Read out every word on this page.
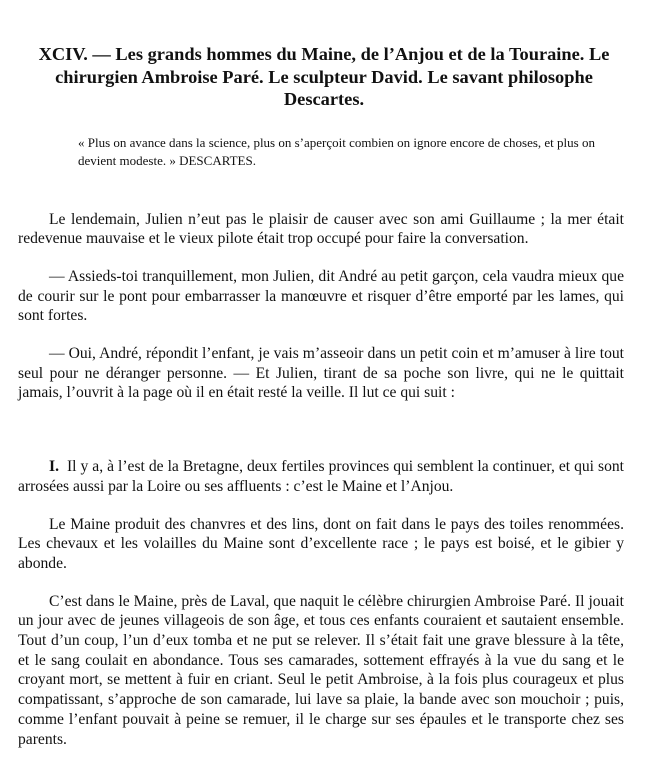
XCIV. — Les grands hommes du Maine, de l’Anjou et de la Touraine. Le chirurgien Ambroise Paré. Le sculpteur David. Le savant philosophe Descartes.

« Plus on avance dans la science, plus on s’aperçoit combien on ignore encore de choses, et plus on devient modeste. » DESCARTES.

Le lendemain, Julien n’eut pas le plaisir de causer avec son ami Guillaume ; la mer était redevenue mauvaise et le vieux pilote était trop occupé pour faire la conversation.

— Assieds-toi tranquillement, mon Julien, dit André au petit garçon, cela vaudra mieux que de courir sur le pont pour embarrasser la manœuvre et risquer d’être emporté par les lames, qui sont fortes.

— Oui, André, répondit l’enfant, je vais m’asseoir dans un petit coin et m’amuser à lire tout seul pour ne déranger personne. — Et Julien, tirant de sa poche son livre, qui ne le quittait jamais, l’ouvrit à la page où il en était resté la veille. Il lut ce qui suit :

I. Il y a, à l’est de la Bretagne, deux fertiles provinces qui semblent la continuer, et qui sont arrosées aussi par la Loire ou ses affluents : c’est le Maine et l’Anjou.

Le Maine produit des chanvres et des lins, dont on fait dans le pays des toiles renommées. Les chevaux et les volailles du Maine sont d’excellente race ; le pays est boisé, et le gibier y abonde.

C’est dans le Maine, près de Laval, que naquit le célèbre chirurgien Ambroise Paré. Il jouait un jour avec de jeunes villageois de son âge, et tous ces enfants couraient et sautaient ensemble. Tout d’un coup, l’un d’eux tomba et ne put se relever. Il s’était fait une grave blessure à la tête, et le sang coulait en abondance. Tous ses camarades, sottement effrayés à la vue du sang et le croyant mort, se mettent à fuir en criant. Seul le petit Ambroise, à la fois plus courageux et plus compatissant, s’approche de son camarade, lui lave sa plaie, la bande avec son mouchoir ; puis, comme l’enfant pouvait à peine se remuer, il le charge sur ses épaules et le transporte chez ses parents.
